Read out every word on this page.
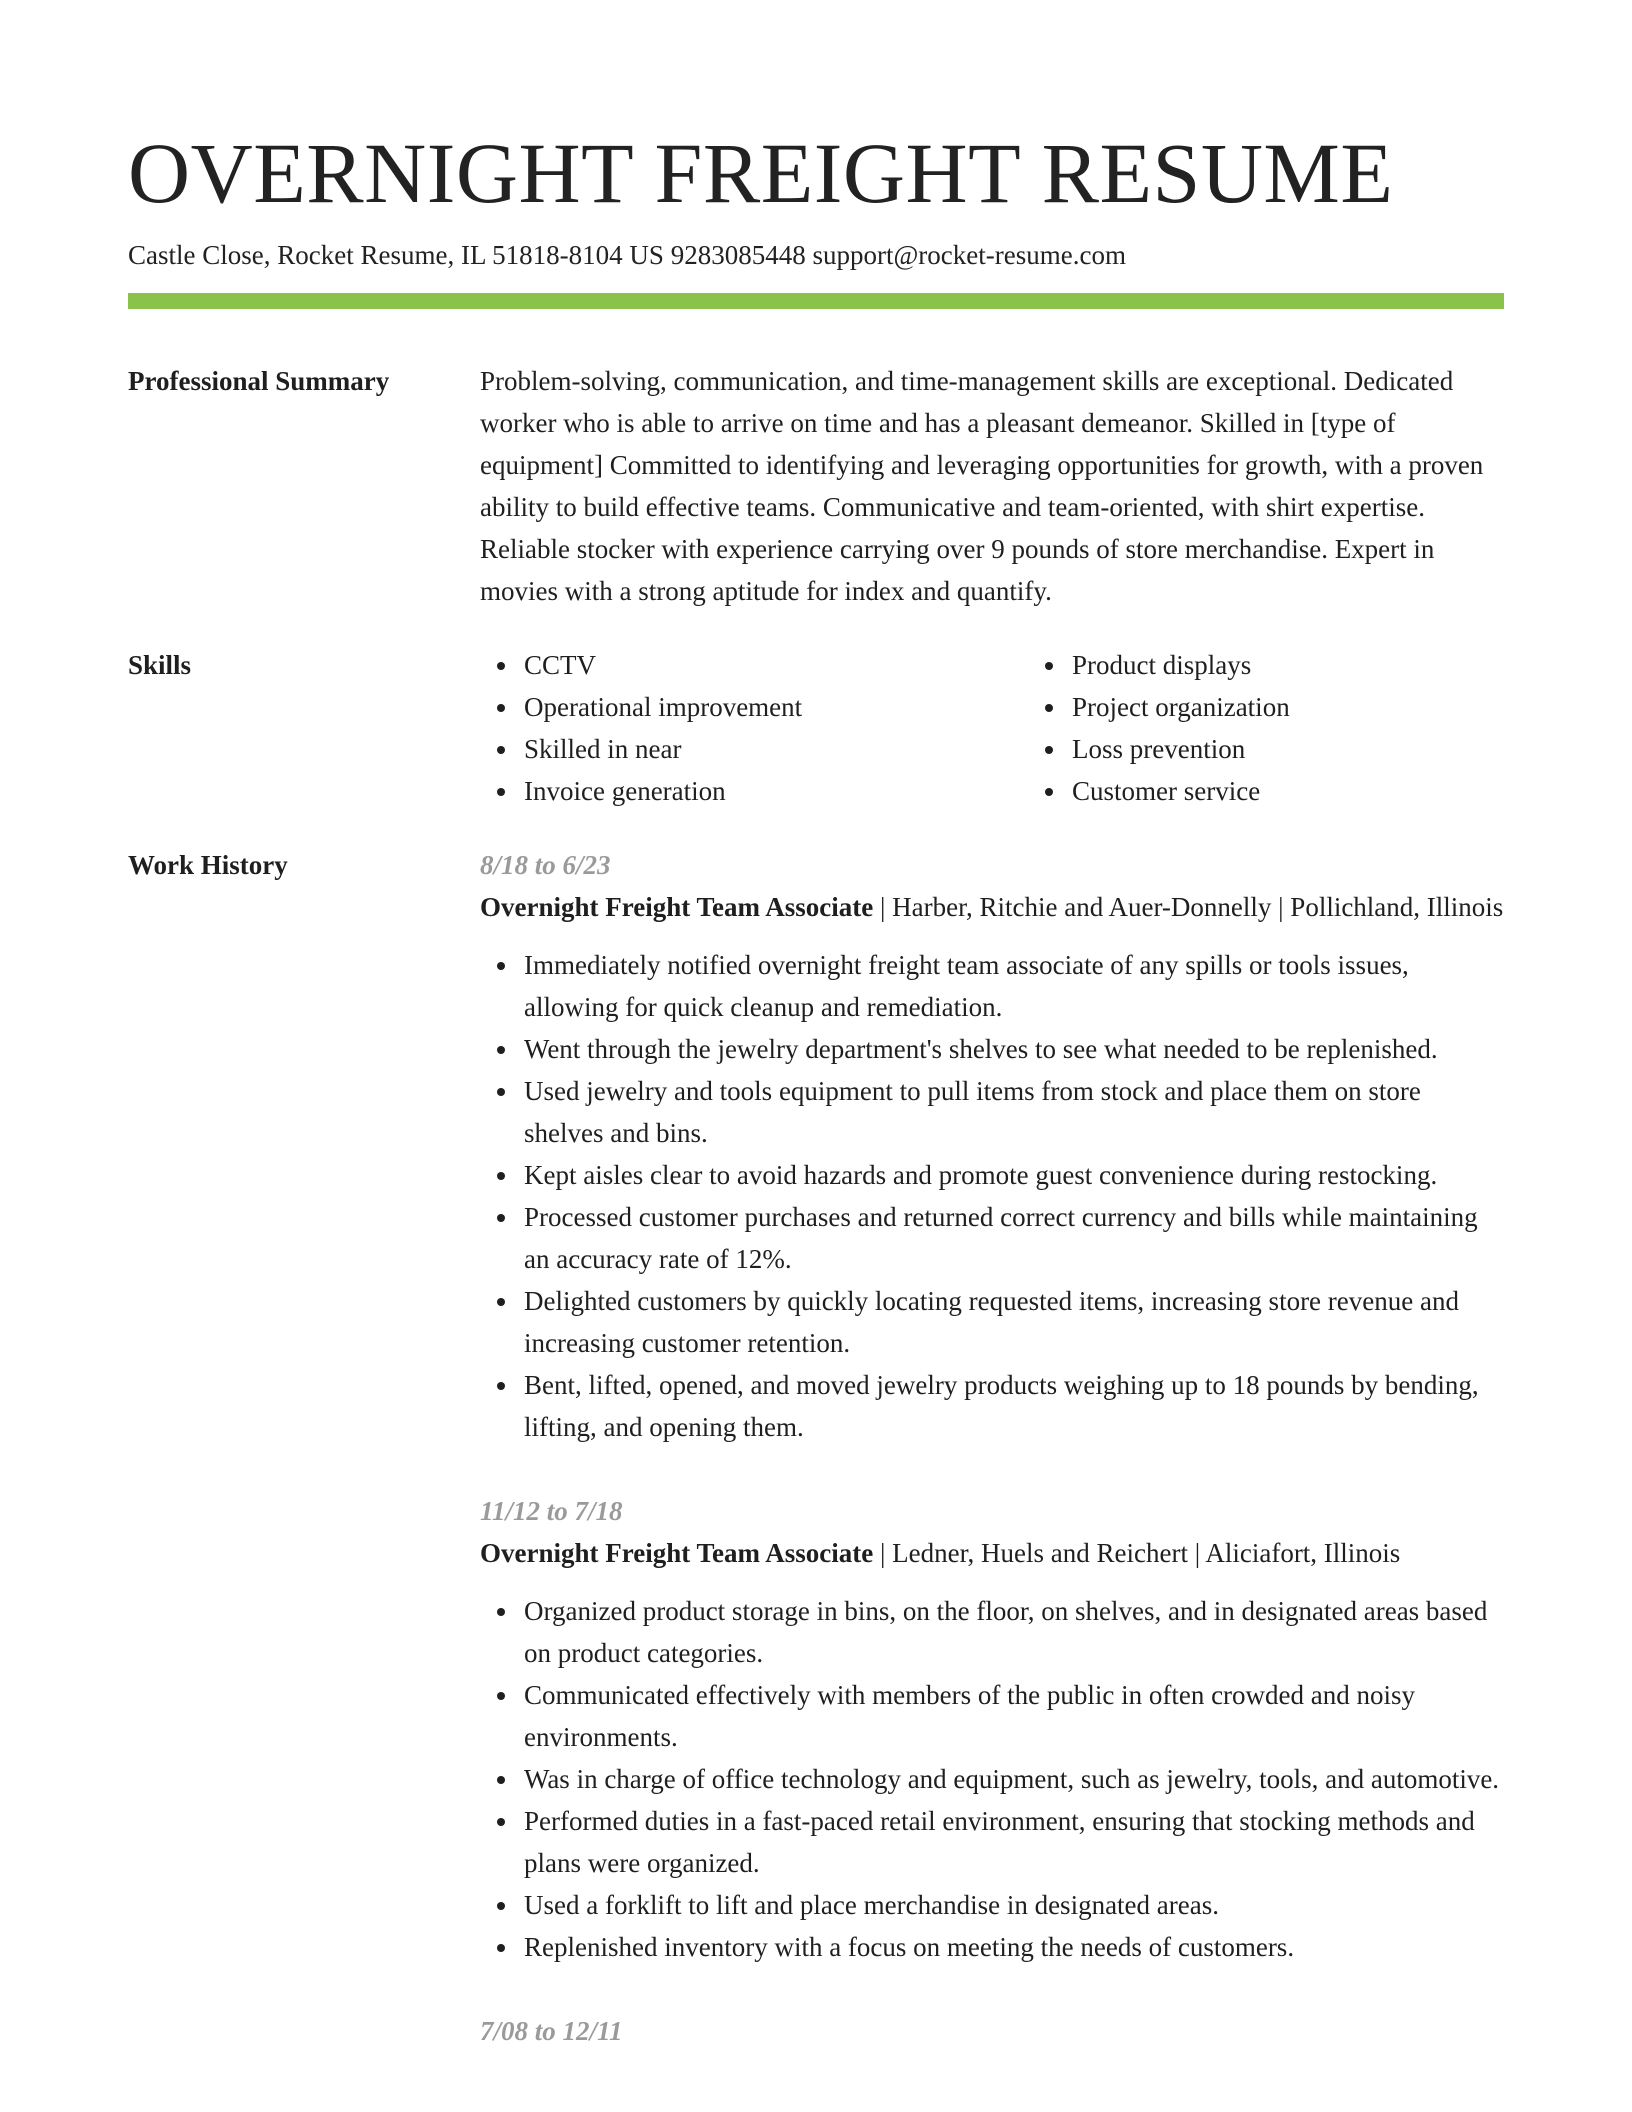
OVERNIGHT FREIGHT RESUME
Castle Close, Rocket Resume, IL 51818-8104 US 9283085448 support@rocket-resume.com
Professional Summary	Problem-solving, communication, and time-management skills are exceptional. Dedicated worker who is able to arrive on time and has a pleasant demeanor. Skilled in [type of equipment] Committed to identifying and leveraging opportunities for growth, with a proven ability to build effective teams. Communicative and team-oriented, with shirt expertise. Reliable stocker with experience carrying over 9 pounds of store merchandise. Expert in movies with a strong aptitude for index and quantify.
Skills	CCTV
Operational improvement
Skilled in near
Invoice generation
Product displays
Project organization
Loss prevention
Customer service
Work History	8/18 to 6/23
Overnight Freight Team Associate | Harber, Ritchie and Auer-Donnelly | Pollichland, Illinois
Immediately notified overnight freight team associate of any spills or tools issues, allowing for quick cleanup and remediation.
Went through the jewelry department's shelves to see what needed to be replenished.
Used jewelry and tools equipment to pull items from stock and place them on store shelves and bins.
Kept aisles clear to avoid hazards and promote guest convenience during restocking.
Processed customer purchases and returned correct currency and bills while maintaining an accuracy rate of 12%.
Delighted customers by quickly locating requested items, increasing store revenue and increasing customer retention.
Bent, lifted, opened, and moved jewelry products weighing up to 18 pounds by bending, lifting, and opening them.
11/12 to 7/18
Overnight Freight Team Associate | Ledner, Huels and Reichert | Aliciafort, Illinois
Organized product storage in bins, on the floor, on shelves, and in designated areas based on product categories.
Communicated effectively with members of the public in often crowded and noisy environments.
Was in charge of office technology and equipment, such as jewelry, tools, and automotive.
Performed duties in a fast-paced retail environment, ensuring that stocking methods and plans were organized.
Used a forklift to lift and place merchandise in designated areas.
Replenished inventory with a focus on meeting the needs of customers.
7/08 to 12/11
